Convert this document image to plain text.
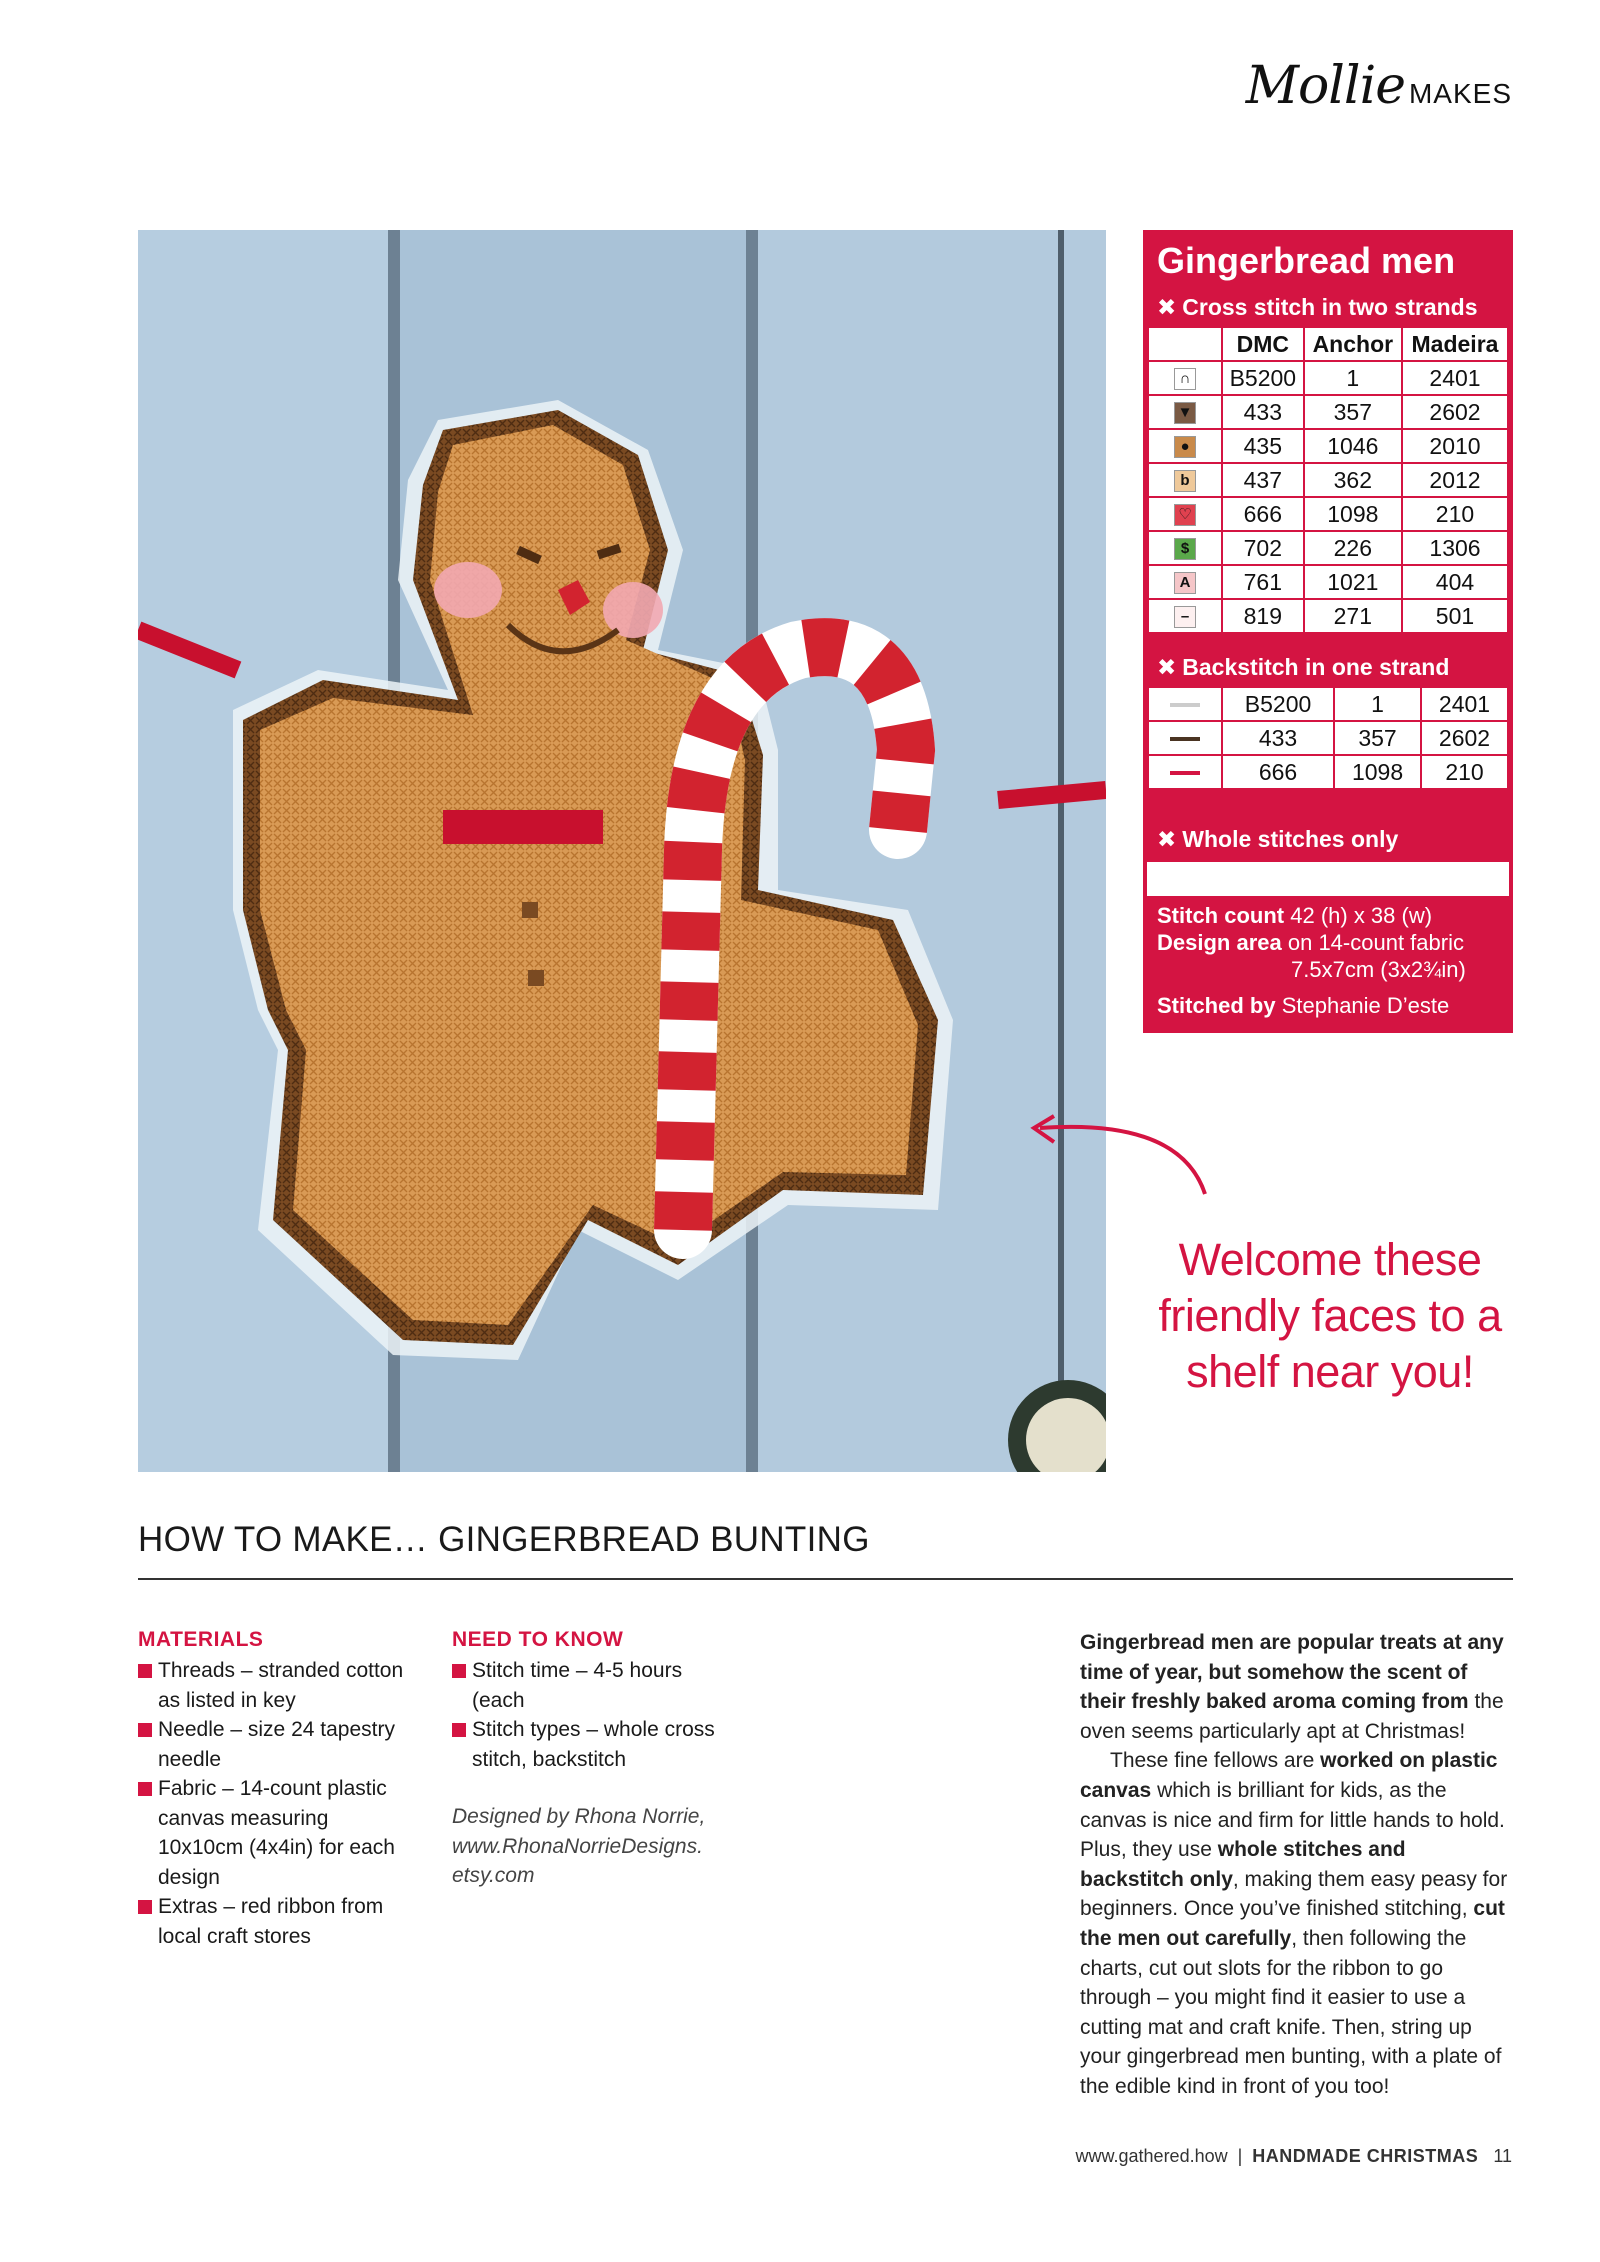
Mollie MAKES
Gingerbread men
✖ Cross stitch in two strands
	DMC	Anchor	Madeira
∩	B5200	1	2401
▼	433	357	2602
●	435	1046	2010
b	437	362	2012
♡	666	1098	210
$	702	226	1306
A	761	1021	404
–	819	271	501
✖ Backstitch in one strand
	B5200	1	2401
	433	357	2602
	666	1098	210
✖ Whole stitches only
Stitch count 42 (h) x 38 (w)
Design area on 14-count fabric
7.5x7cm (3x2¾in)
Stitched by Stephanie D’este
Welcome these
friendly faces to a
shelf near you!
HOW TO MAKE… GINGERBREAD BUNTING
MATERIALS
Threads – stranded cotton as listed in key
Needle – size 24 tapestry needle
Fabric – 14-count plastic canvas measuring 10x10cm (4x4in) for each design
Extras – red ribbon from local craft stores
NEED TO KNOW
Stitch time – 4-5 hours (each
Stitch types – whole cross stitch, backstitch
Designed by Rhona Norrie,
www.RhonaNorrieDesigns.
etsy.com

Gingerbread men are popular treats at any time of year, but somehow the scent of their freshly baked aroma coming from the oven seems particularly apt at Christmas!

These fine fellows are worked on plastic canvas which is brilliant for kids, as the canvas is nice and firm for little hands to hold. Plus, they use whole stitches and backstitch only, making them easy peasy for beginners. Once you’ve finished stitching, cut the men out carefully, then following the charts, cut out slots for the ribbon to go through – you might find it easier to use a cutting mat and craft knife. Then, string up your gingerbread men bunting, with a plate of the edible kind in front of you too!

www.gathered.how  |  HANDMADE CHRISTMAS 11
